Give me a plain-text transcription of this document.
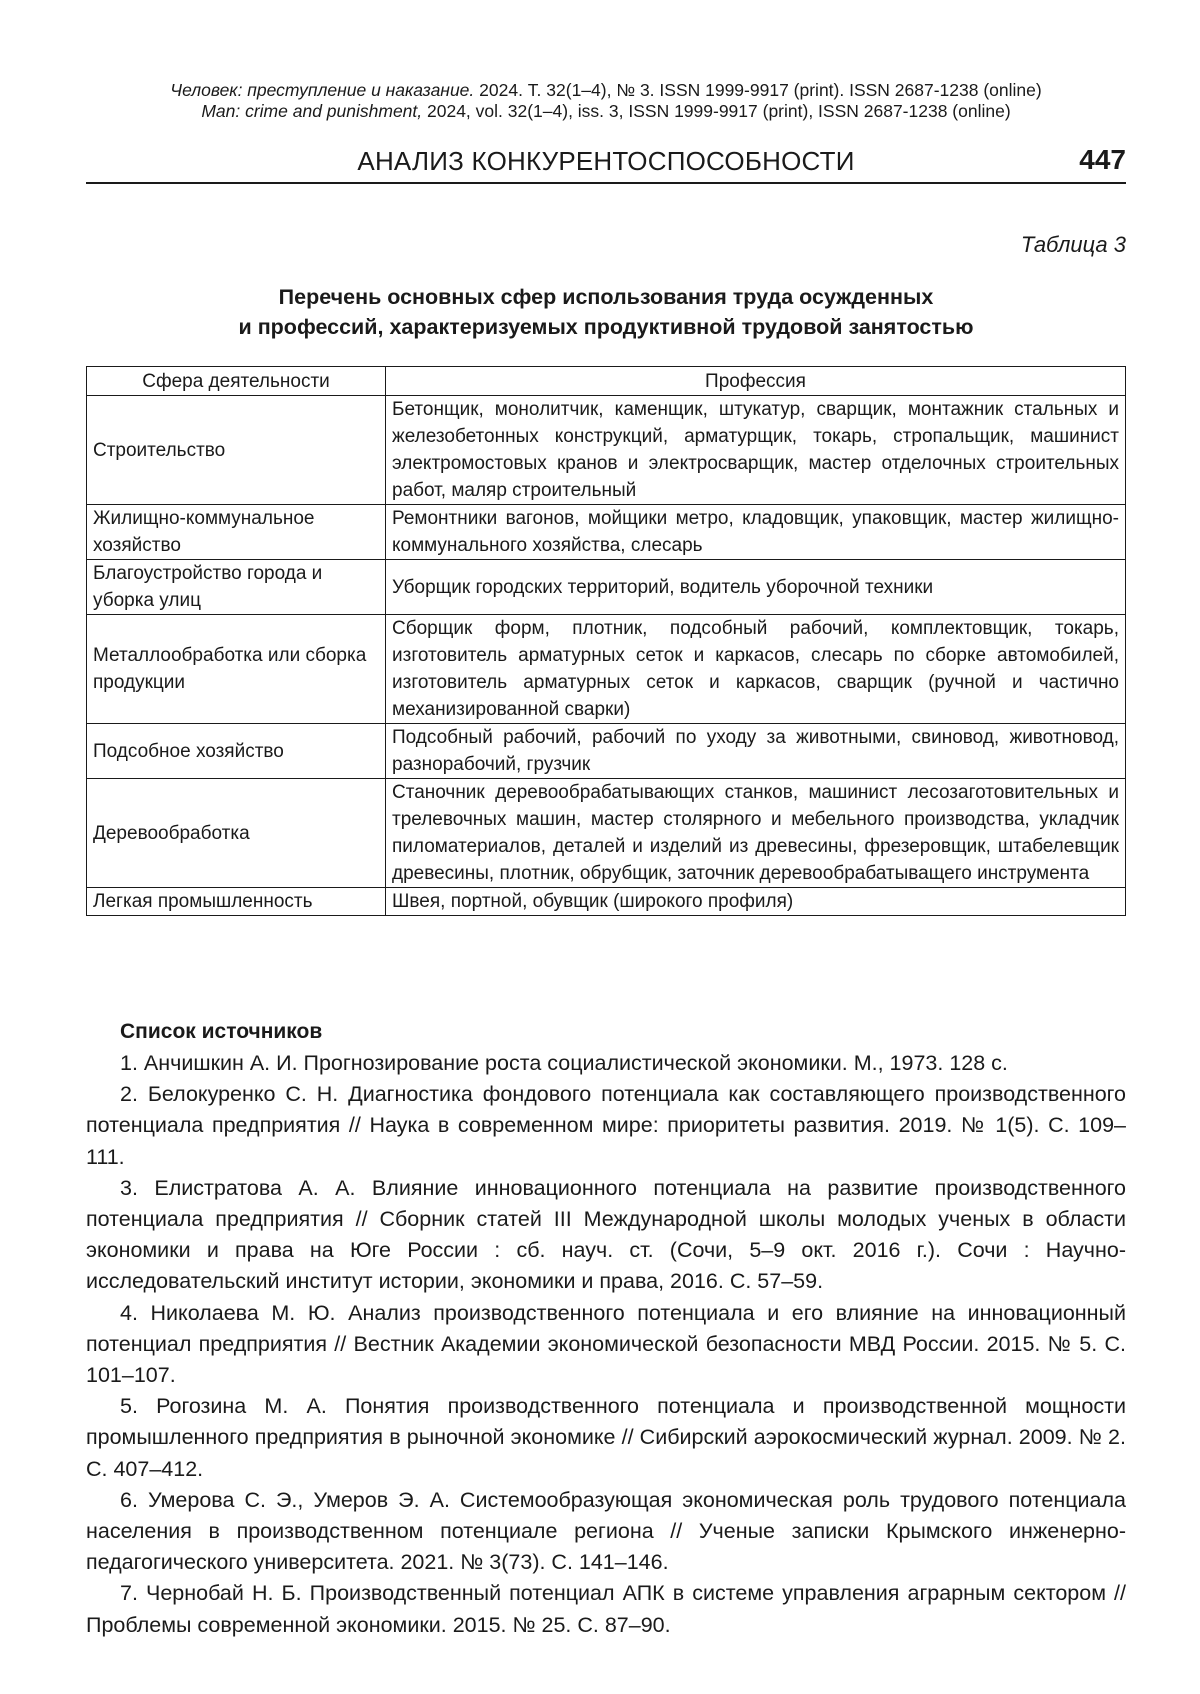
Человек: преступление и наказание. 2024. Т. 32(1–4), № 3. ISSN 1999-9917 (print). ISSN 2687-1238 (online)
Man: crime and punishment, 2024, vol. 32(1–4), iss. 3, ISSN 1999-9917 (print), ISSN 2687-1238 (online)
АНАЛИЗ КОНКУРЕНТОСПОСОБНОСТИ	447
Таблица 3
Перечень основных сфер использования труда осужденных
и профессий, характеризуемых продуктивной трудовой занятостью
Сфера деятельности	Профессия
Строительство	Бетонщик, монолитчик, каменщик, штукатур, сварщик, монтажник стальных и железобетонных конструкций, арматурщик, токарь, стропальщик, машинист электромостовых кранов и электросварщик, мастер отделочных строительных работ, маляр строительный
Жилищно-коммунальное хозяйство	Ремонтники вагонов, мойщики метро, кладовщик, упаковщик, мастер жилищно-коммунального хозяйства, слесарь
Благоустройство города и уборка улиц	Уборщик городских территорий, водитель уборочной техники
Металлообработка или сборка продукции	Сборщик форм, плотник, подсобный рабочий, комплектовщик, токарь, изготовитель арматурных сеток и каркасов, слесарь по сборке автомобилей, изготовитель арматурных сеток и каркасов, сварщик (ручной и частично механизированной сварки)
Подсобное хозяйство	Подсобный рабочий, рабочий по уходу за животными, свиновод, животновод, разнорабочий, грузчик
Деревообработка	Станочник деревообрабатывающих станков, машинист лесозаготовительных и трелевочных машин, мастер столярного и мебельного производства, укладчик пиломатериалов, деталей и изделий из древесины, фрезеровщик, штабелевщик древесины, плотник, обрубщик, заточник деревообрабатыващего инструмента
Легкая промышленность	Швея, портной, обувщик (широкого профиля)
Список источников

1. Анчишкин А. И. Прогнозирование роста социалистической экономики. М., 1973. 128 с.

2. Белокуренко С. Н. Диагностика фондового потенциала как составляющего производственного потенциала предприятия // Наука в современном мире: приоритеты развития. 2019. № 1(5). С. 109–111.

3. Елистратова А. А. Влияние инновационного потенциала на развитие производственного потенциала предприятия // Сборник статей III Международной школы молодых ученых в области экономики и права на Юге России : сб. науч. ст. (Сочи, 5–9 окт. 2016 г.). Сочи : Научно-исследовательский институт истории, экономики и права, 2016. С. 57–59.

4. Николаева М. Ю. Анализ производственного потенциала и его влияние на инновационный потенциал предприятия // Вестник Академии экономической безопасности МВД России. 2015. № 5. С. 101–107.

5. Рогозина М. А. Понятия производственного потенциала и производственной мощности промышленного предприятия в рыночной экономике // Сибирский аэрокосмический журнал. 2009. № 2. С. 407–412.

6. Умерова С. Э., Умеров Э. А. Системообразующая экономическая роль трудового потенциала населения в производственном потенциале региона // Ученые записки Крымского инженерно-педагогического университета. 2021. № 3(73). С. 141–146.

7. Чернобай Н. Б. Производственный потенциал АПК в системе управления аграрным сектором // Проблемы современной экономики. 2015. № 25. С. 87–90.
